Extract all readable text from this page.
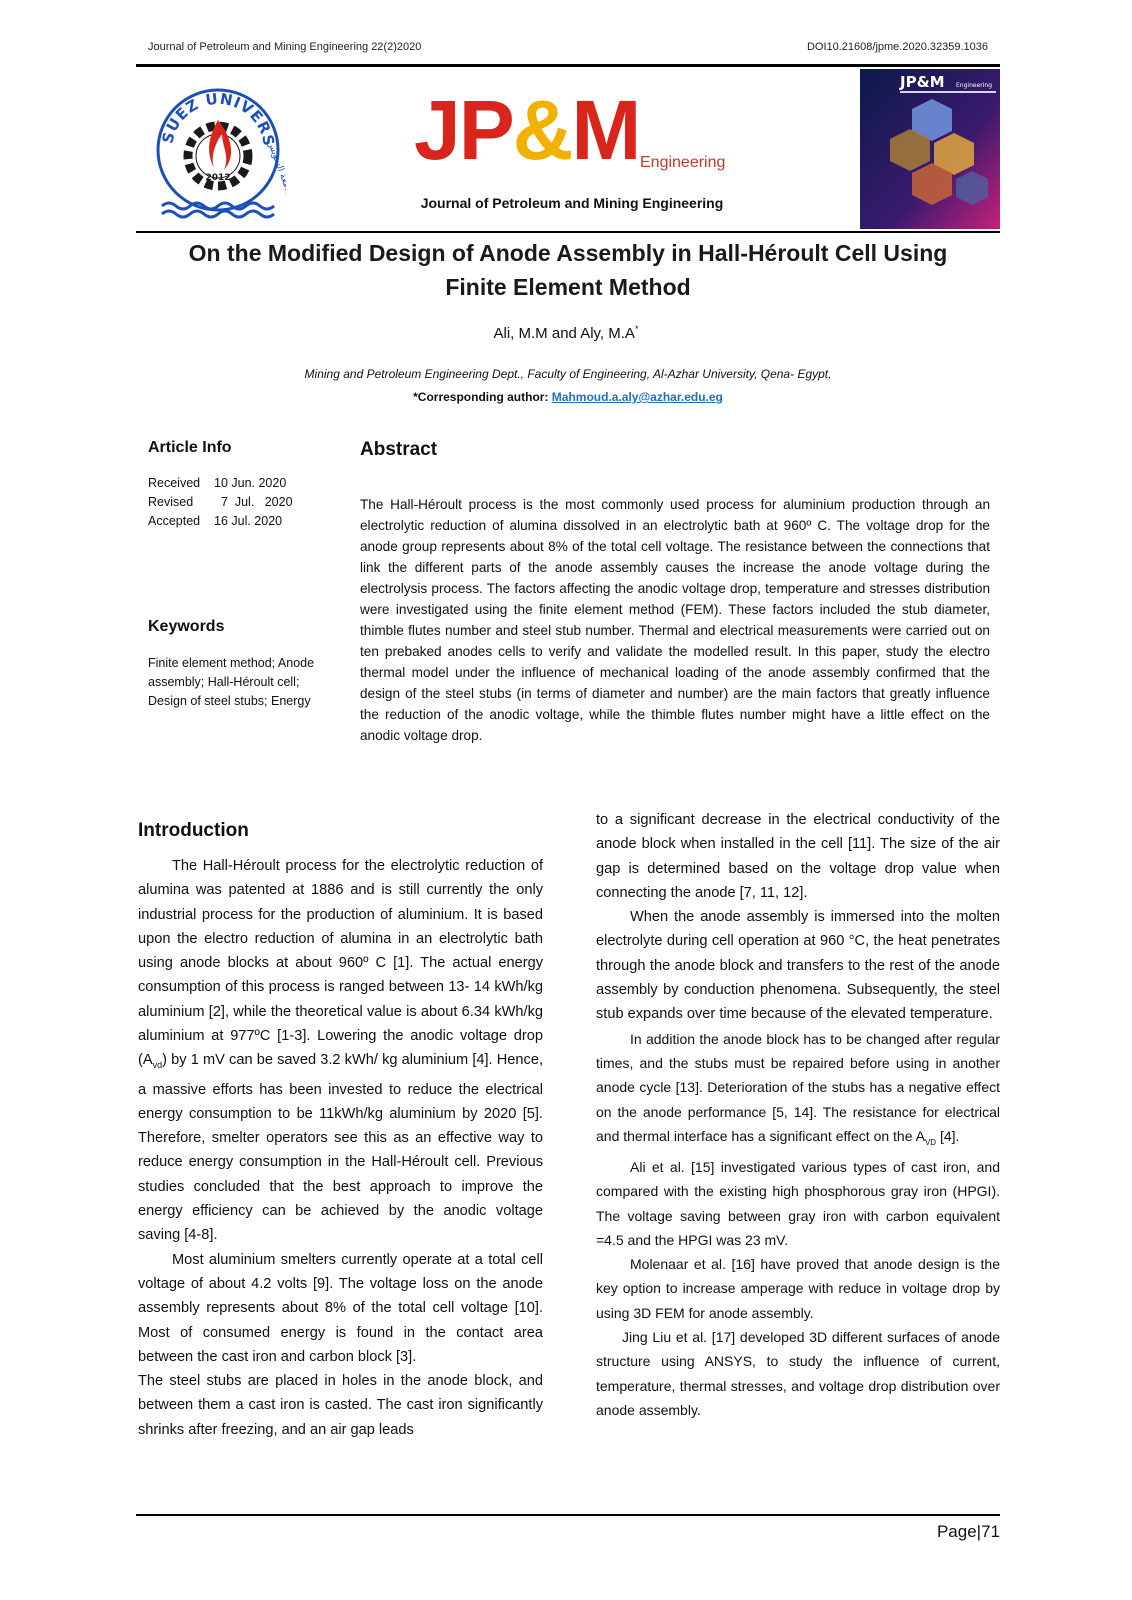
Journal of Petroleum and Mining Engineering 22(2)2020	DOI10.21608/jpme.2020.32359.1036
SUEZ UNIVERS
2012	جامعة السويس JP&M Engineering
Journal of Petroleum and Mining Engineering
JP&M Engineering
On the Modified Design of Anode Assembly in Hall-Héroult Cell Using Finite Element Method
Ali, M.M and Aly, M.A*
Mining and Petroleum Engineering Dept., Faculty of Engineering, Al-Azhar University, Qena- Egypt,
*Corresponding author: Mahmoud.a.aly@azhar.edu.eg
Article Info
Received 10 Jun. 2020
Revised  7  Jul.   2020
Accepted 16 Jul. 2020
Keywords
Finite element method; Anode assembly; Hall-Héroult cell; Design of steel stubs; Energy
Abstract
The Hall-Héroult process is the most commonly used process for aluminium production through an electrolytic reduction of alumina dissolved in an electrolytic bath at 960º C. The voltage drop for the anode group represents about 8% of the total cell voltage. The resistance between the connections that link the different parts of the anode assembly causes the increase the anode voltage during the electrolysis process. The factors affecting the anodic voltage drop, temperature and stresses distribution were investigated using the finite element method (FEM). These factors included the stub diameter, thimble flutes number and steel stub number. Thermal and electrical measurements were carried out on ten prebaked anodes cells to verify and validate the modelled result. In this paper, study the electro thermal model under the influence of mechanical loading of the anode assembly confirmed that the design of the steel stubs (in terms of diameter and number) are the main factors that greatly influence the reduction of the anodic voltage, while the thimble flutes number might have a little effect on the anodic voltage drop.
Introduction

The Hall-Héroult process for the electrolytic reduction of alumina was patented at 1886 and is still currently the only industrial process for the production of aluminium. It is based upon the electro reduction of alumina in an electrolytic bath using anode blocks at about 960º C [1]. The actual energy consumption of this process is ranged between 13- 14 kWh/kg aluminium [2], while the theoretical value is about 6.34 kWh/kg aluminium at 977ºC [1-3]. Lowering the anodic voltage drop $(A_{vd})$ by 1 mV can be saved 3.2 kWh/ kg aluminium [4]. Hence, a massive efforts has been invested to reduce the electrical energy consumption to be 11kWh/kg aluminium by 2020 [5]. Therefore, smelter operators see this as an effective way to reduce energy consumption in the Hall-Héroult cell. Previous studies concluded that the best approach to improve the energy efficiency can be achieved by the anodic voltage saving [4-8].

Most aluminium smelters currently operate at a total cell voltage of about 4.2 volts [9]. The voltage loss on the anode assembly represents about 8% of the total cell voltage [10]. Most of consumed energy is found in the contact area between the cast iron and carbon block [3].

The steel stubs are placed in holes in the anode block, and between them a cast iron is casted. The cast iron significantly shrinks after freezing, and an air gap leads

to a significant decrease in the electrical conductivity of the anode block when installed in the cell [11]. The size of the air gap is determined based on the voltage drop value when connecting the anode [7, 11, 12].

When the anode assembly is immersed into the molten electrolyte during cell operation at 960 °C, the heat penetrates through the anode block and transfers to the rest of the anode assembly by conduction phenomena. Subsequently, the steel stub expands over time because of the elevated temperature.

In addition the anode block has to be changed after regular times, and the stubs must be repaired before using in another anode cycle [13]. Deterioration of the stubs has a negative effect on the anode performance [5, 14]. The resistance for electrical and thermal interface has a significant effect on the $A_{VD}$ [4].

Ali et al. [15] investigated various types of cast iron, and compared with the existing high phosphorous gray iron (HPGI). The voltage saving between gray iron with carbon equivalent =4.5 and the HPGI was 23 mV.

Molenaar et al. [16] have proved that anode design is the key option to increase amperage with reduce in voltage drop by using 3D FEM for anode assembly.

Jing Liu et al. [17] developed 3D different surfaces of anode structure using ANSYS, to study the influence of current, temperature, thermal stresses, and voltage drop distribution over anode assembly.

Page|71
